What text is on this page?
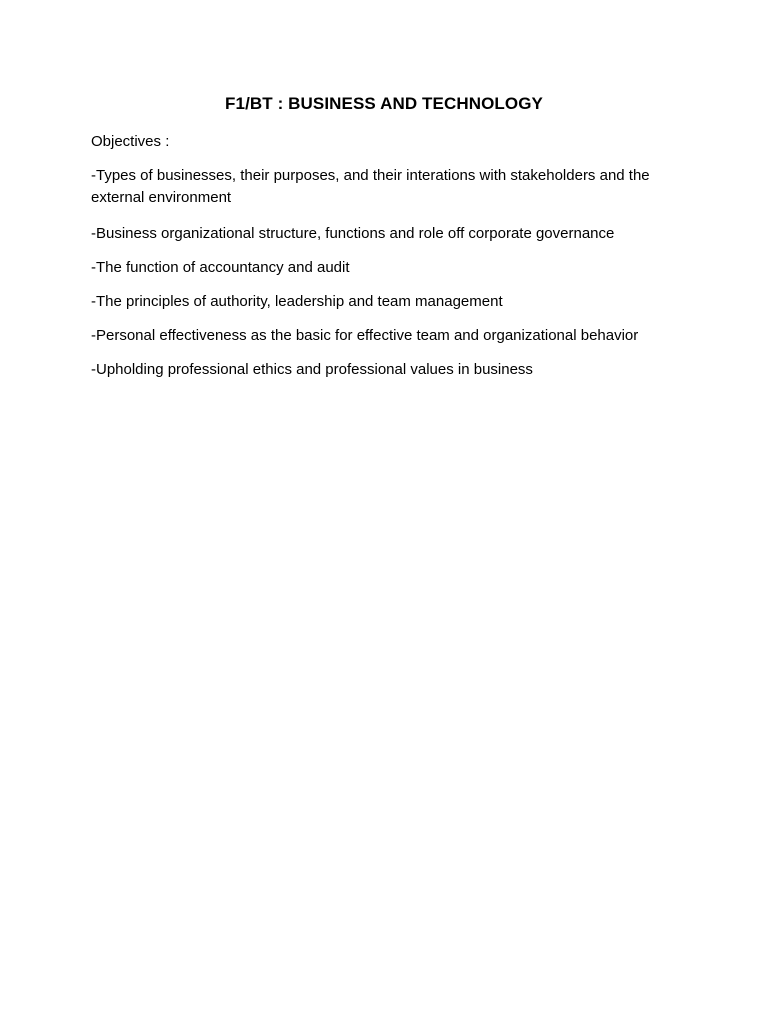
F1/BT : BUSINESS AND TECHNOLOGY
Objectives :
-Types of businesses, their purposes, and their interations with stakeholders and the external environment
-Business organizational structure, functions and role off corporate governance
-The function of accountancy and audit
-The principles of authority, leadership and team management
-Personal effectiveness as the basic for effective team and organizational behavior
-Upholding professional ethics and professional values in business
